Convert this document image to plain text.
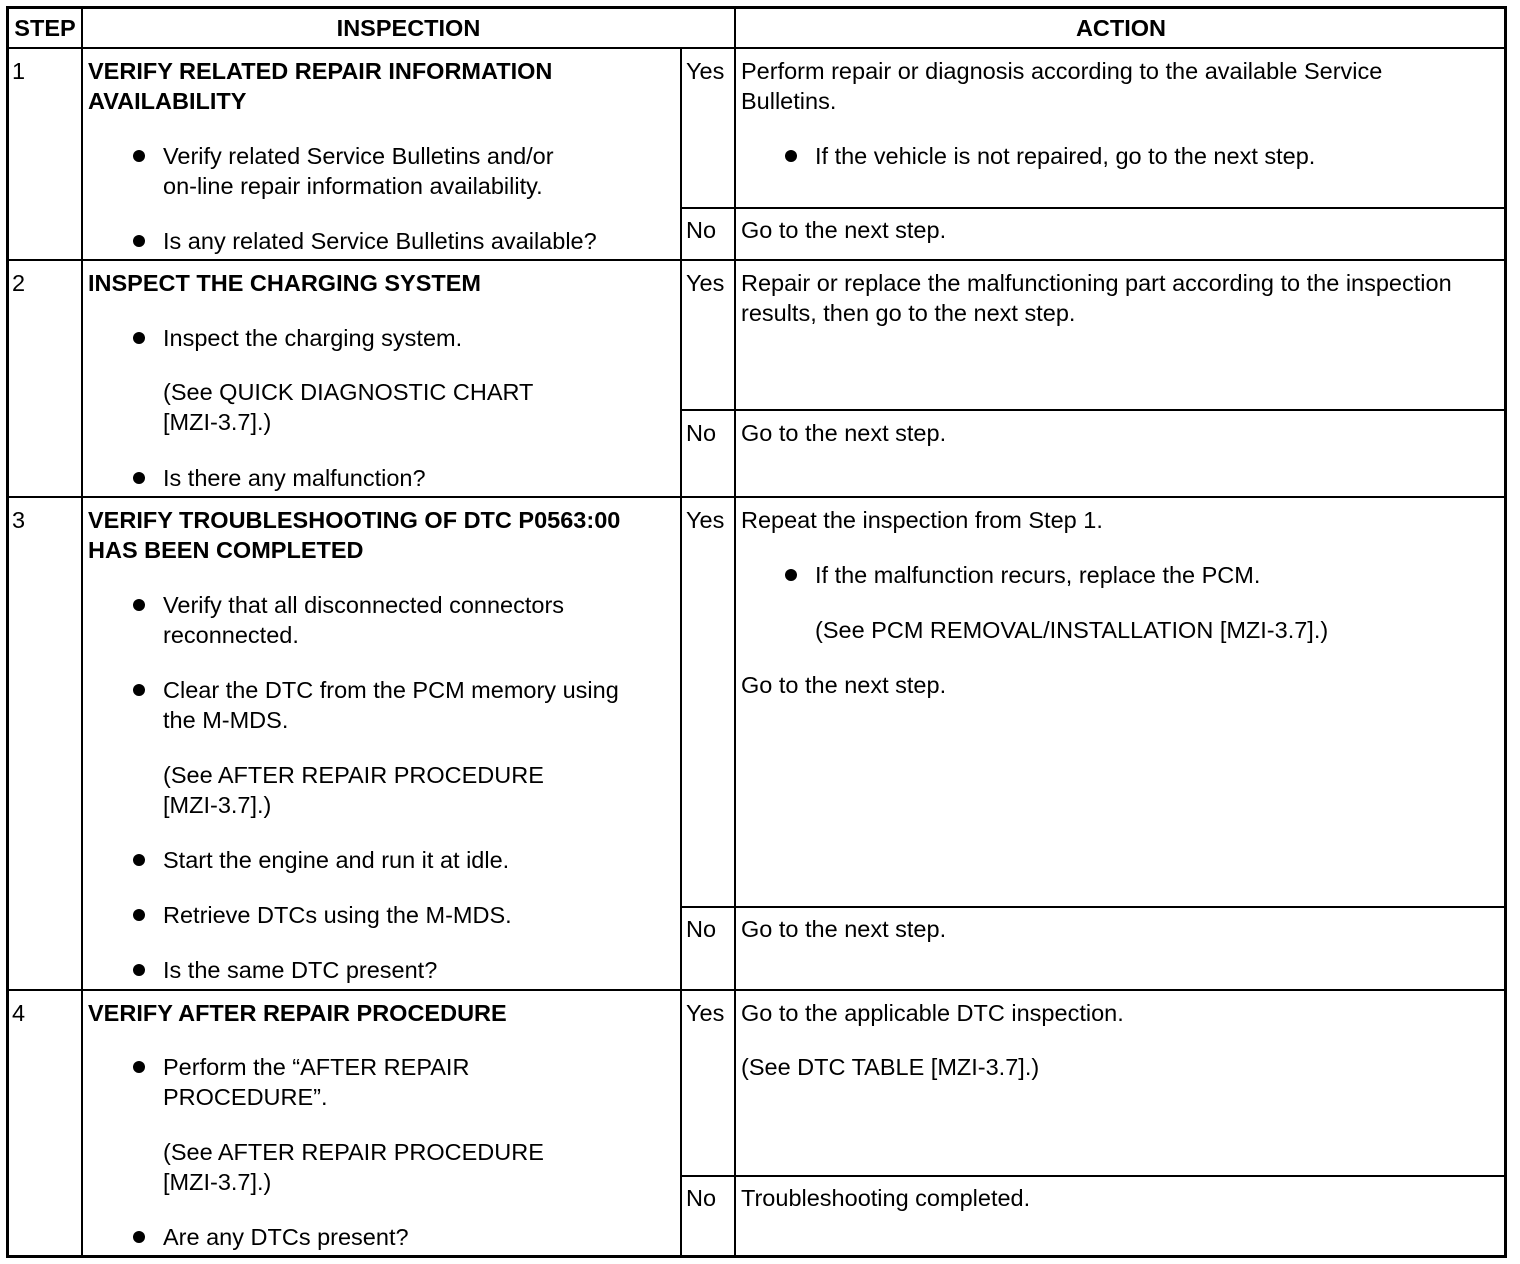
STEP	INSPECTION	ACTION
1	VERIFY RELATED REPAIR INFORMATION
AVAILABILITY
Verify related Service Bulletins and/or
on-line repair information availability.
Is any related Service Bulletins available?
Yes Perform repair or diagnosis according to the available Service
Bulletins.
If the vehicle is not repaired, go to the next step.
No Go to the next step.
2	INSPECT THE CHARGING SYSTEM
Inspect the charging system.
(See QUICK DIAGNOSTIC CHART
[MZI-3.7].)
Is there any malfunction?
Yes Repair or replace the malfunctioning part according to the inspection
results, then go to the next step.
No Go to the next step.
3	VERIFY TROUBLESHOOTING OF DTC P0563:00
HAS BEEN COMPLETED
Verify that all disconnected connectors
reconnected.
Clear the DTC from the PCM memory using
the M-MDS.
(See AFTER REPAIR PROCEDURE
[MZI-3.7].)
Start the engine and run it at idle.
Retrieve DTCs using the M-MDS.
Is the same DTC present?
Yes Repeat the inspection from Step 1.
If the malfunction recurs, replace the PCM.
(See PCM REMOVAL/INSTALLATION [MZI-3.7].)
Go to the next step.
No Go to the next step.
4	VERIFY AFTER REPAIR PROCEDURE
Perform the “AFTER REPAIR
PROCEDURE”.
(See AFTER REPAIR PROCEDURE
[MZI-3.7].)
Are any DTCs present?
Yes Go to the applicable DTC inspection.
(See DTC TABLE [MZI-3.7].)
No Troubleshooting completed.
